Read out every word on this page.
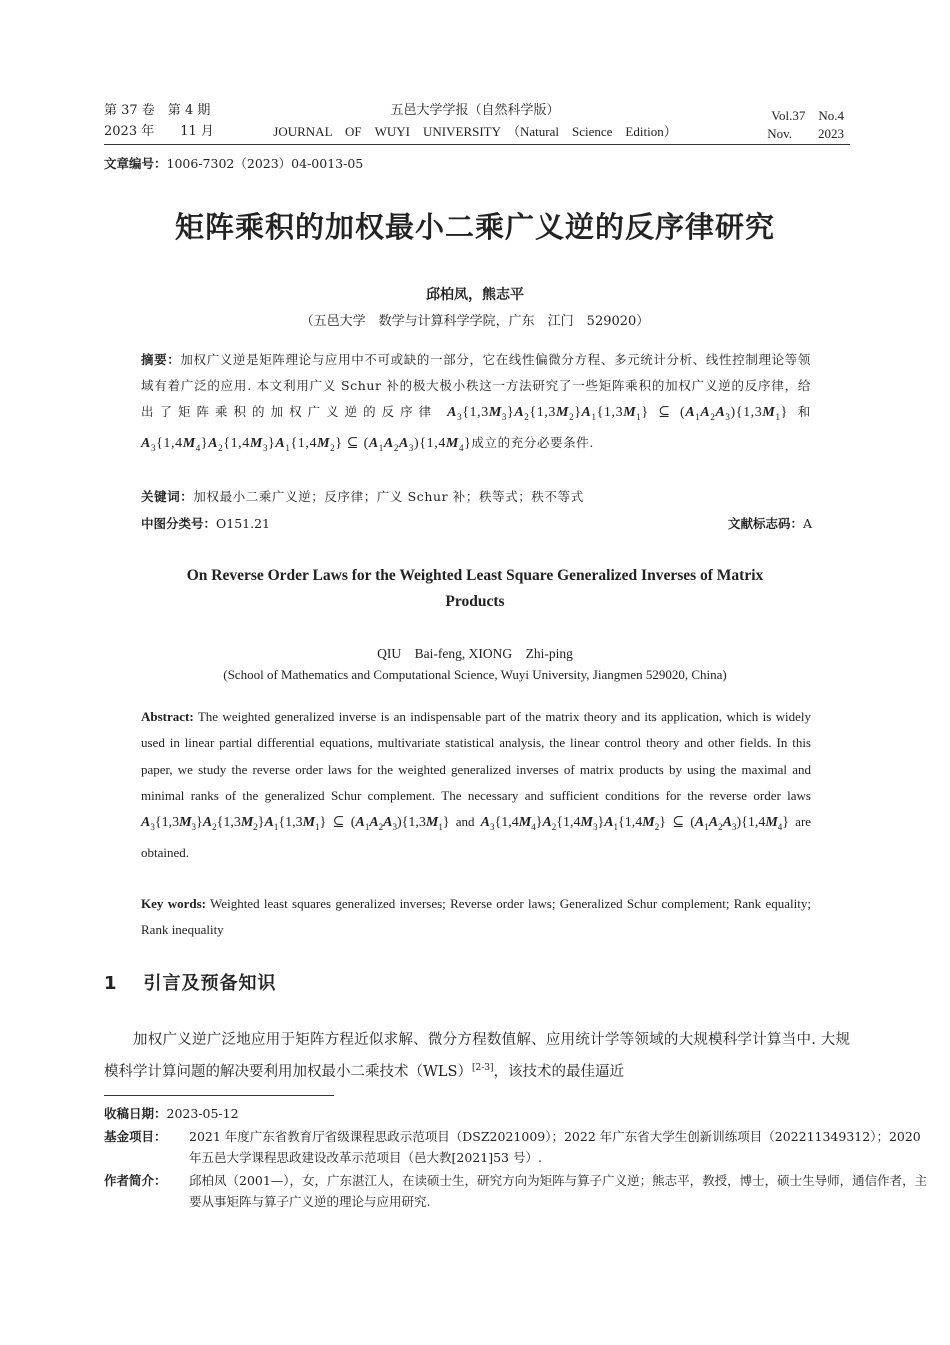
第 37 卷　第 4 期
2023 年　　11 月
五邑大学学报（自然科学版）
JOURNAL　OF　WUYI　UNIVERSITY　（Natural　Science　Edition）
Vol.37　No.4
Nov.　　2023
文章编号：1006-7302（2023）04-0013-05
矩阵乘积的加权最小二乘广义逆的反序律研究
邱柏凤，熊志平
（五邑大学　数学与计算科学学院，广东　江门　529020）
摘要：加权广义逆是矩阵理论与应用中不可或缺的一部分，它在线性偏微分方程、多元统计分析、线性控制理论等领域有着广泛的应用. 本文利用广义 Schur 补的极大极小秩这一方法研究了一些矩阵乘积的加权广义逆的反序律，给出了矩阵乘积的加权广义逆的反序律 $A_3\{1,3M_3\}A_2\{1,3M_2\}A_1\{1,3M_1\}$ ⊆ $(A_1A_2A_3)\{1,3M_1\}$ 和 $A_3\{1,4M_4\}A_2\{1,4M_3\}A_1\{1,4M_2\}$ ⊆ $(A_1A_2A_3)\{1,4M_4\}$成立的充分必要条件.
关键词：加权最小二乘广义逆；反序律；广义 Schur 补；秩等式；秩不等式
中图分类号：O151.21	文献标志码：A
On Reverse Order Laws for the Weighted Least Square Generalized Inverses of Matrix Products
QIU　Bai-feng, XIONG　Zhi-ping
(School of Mathematics and Computational Science, Wuyi University, Jiangmen 529020, China)
Abstract: The weighted generalized inverse is an indispensable part of the matrix theory and its application, which is widely used in linear partial differential equations, multivariate statistical analysis, the linear control theory and other fields. In this paper, we study the reverse order laws for the weighted generalized inverses of matrix products by using the maximal and minimal ranks of the generalized Schur complement. The necessary and sufficient conditions for the reverse order laws $A_3\{1,3M_3\}A_2\{1,3M_2\}A_1\{1,3M_1\}$ ⊆ $(A_1A_2A_3)\{1,3M_1\}$ and $A_3\{1,4M_4\}A_2\{1,4M_3\}A_1\{1,4M_2\}$ ⊆ $(A_1A_2A_3)\{1,4M_4\}$ are obtained.
Key words: Weighted least squares generalized inverses; Reverse order laws; Generalized Schur complement; Rank equality; Rank inequality
1 引言及预备知识
加权广义逆广泛地应用于矩阵方程近似求解、微分方程数值解、应用统计学等领域的大规模科学计算当中. 大规模科学计算问题的解决要利用加权最小二乘技术（WLS）[2-3]，该技术的最佳逼近
收稿日期：2023-05-12
基金项目： 2021 年度广东省教育厅省级课程思政示范项目（DSZ2021009）；2022 年广东省大学生创新训练项目（202211349312）；2020 年五邑大学课程思政建设改革示范项目（邑大教[2021]53 号）.
作者简介： 邱柏凤（2001—），女，广东湛江人，在读硕士生，研究方向为矩阵与算子广义逆；熊志平，教授，博士，硕士生导师，通信作者，主要从事矩阵与算子广义逆的理论与应用研究.
